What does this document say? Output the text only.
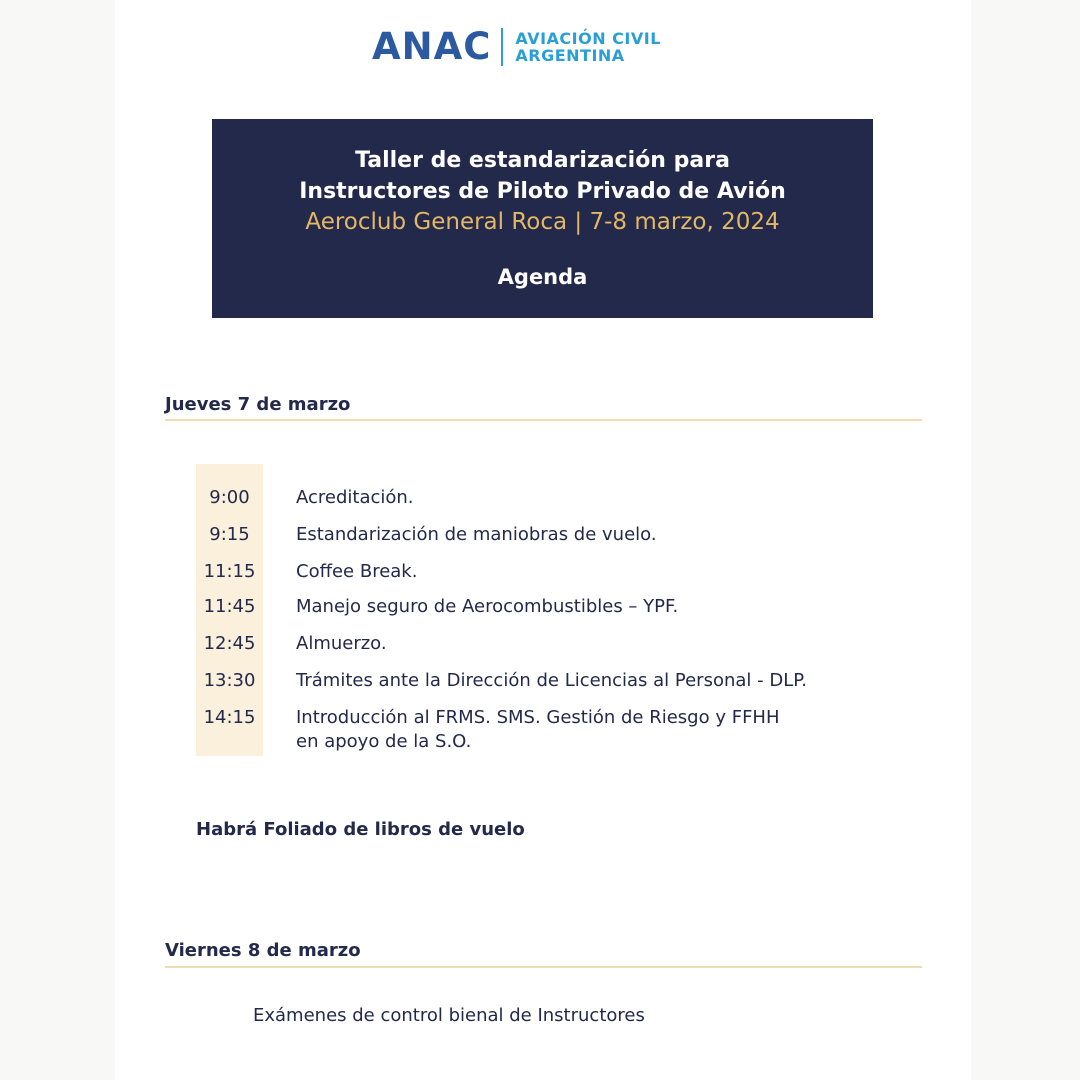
ANAC AVIACIÓN CIVIL
ARGENTINA
Taller de estandarización para
Instructores de Piloto Privado de Avión
Aeroclub General Roca | 7-8 marzo, 2024
Agenda
Jueves 7 de marzo
9:00	Acreditación.
9:15	Estandarización de maniobras de vuelo.
11:15	Coffee Break.
11:45	Manejo seguro de Aerocombustibles – YPF.
12:45	Almuerzo.
13:30	Trámites ante la Dirección de Licencias al Personal - DLP.
14:15	Introducción al FRMS. SMS. Gestión de Riesgo y FFHH
en apoyo de la S.O.
Habrá Foliado de libros de vuelo
Viernes 8 de marzo
Exámenes de control bienal de Instructores
